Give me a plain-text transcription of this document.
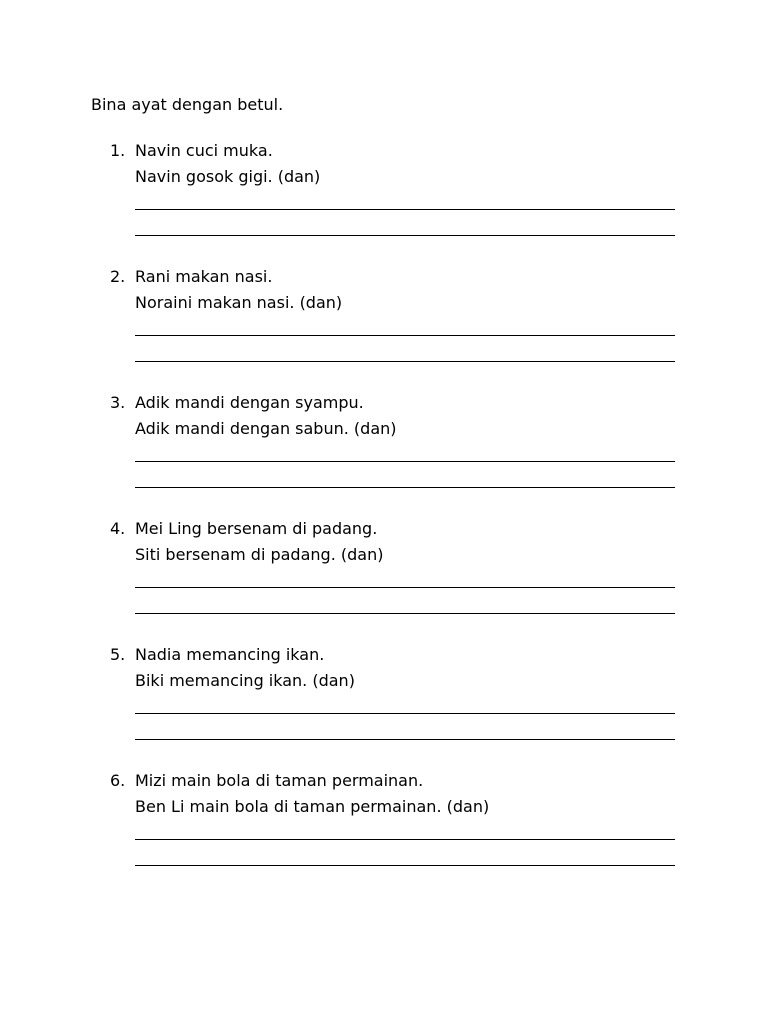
Bina ayat dengan betul.
1. Navin cuci muka.
Navin gosok gigi. (dan)
2. Rani makan nasi.
Noraini makan nasi. (dan)
3. Adik mandi dengan syampu.
Adik mandi dengan sabun. (dan)
4. Mei Ling bersenam di padang.
Siti bersenam di padang. (dan)
5. Nadia memancing ikan.
Biki memancing ikan. (dan)
6. Mizi main bola di taman permainan.
Ben Li main bola di taman permainan. (dan)
